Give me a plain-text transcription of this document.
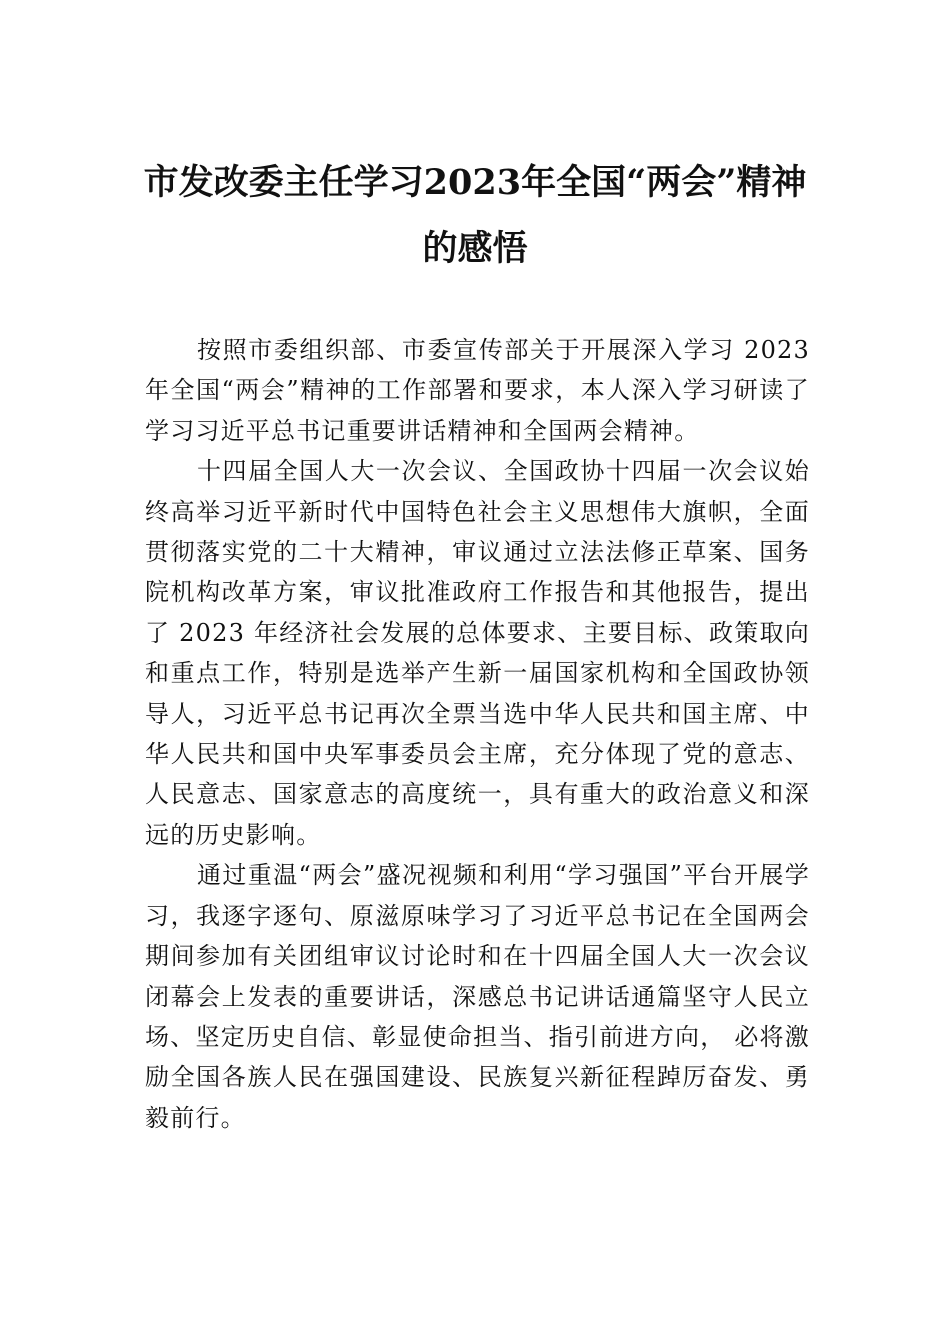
市发改委主任学习2023年全国“两会”精神的感悟

按照市委组织部、市委宣传部关于开展深入学习 2023 年全国“两会”精神的工作部署和要求，本人深入学习研读了学习习近平总书记重要讲话精神和全国两会精神。

十四届全国人大一次会议、全国政协十四届一次会议始终高举习近平新时代中国特色社会主义思想伟大旗帜，全面贯彻落实党的二十大精神，审议通过立法法修正草案、国务院机构改革方案，审议批准政府工作报告和其他报告，提出了 2023 年经济社会发展的总体要求、主要目标、政策取向和重点工作，特别是选举产生新一届国家机构和全国政协领导人，习近平总书记再次全票当选中华人民共和国主席、中华人民共和国中央军事委员会主席，充分体现了党的意志、人民意志、国家意志的高度统一，具有重大的政治意义和深远的历史影响。

通过重温“两会”盛况视频和利用“学习强国”平台开展学习，我逐字逐句、原滋原味学习了习近平总书记在全国两会期间参加有关团组审议讨论时和在十四届全国人大一次会议闭幕会上发表的重要讲话，深感总书记讲话通篇坚守人民立场、坚定历史自信、彰显使命担当、指引前进方向， 必将激励全国各族人民在强国建设、民族复兴新征程踔厉奋发、勇毅前行。
